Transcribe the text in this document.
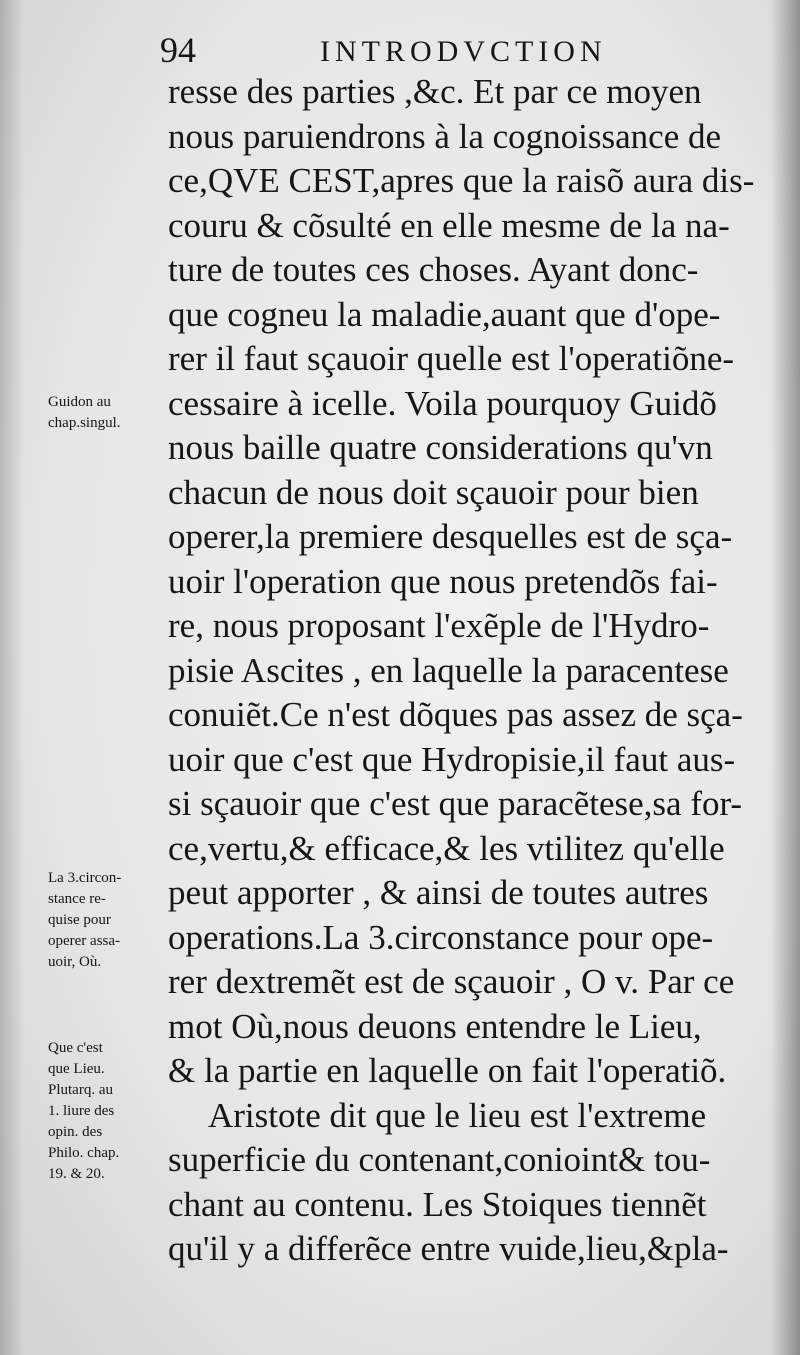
94	INTRODVCTION
resse des parties ,&c. Et par ce moyen
nous paruiendrons à la cognoissance de
ce,QVE CEST,apres que la raisõ aura dis-
couru & cõsulté en elle mesme de la na-
ture de toutes ces choses. Ayant donc-
que cogneu la maladie,auant que d'ope-
rer il faut sçauoir quelle est l'operatiõne-
cessaire à icelle. Voila pourquoy Guidõ
nous baille quatre considerations qu'vn
chacun de nous doit sçauoir pour bien
operer,la premiere desquelles est de sça-
uoir l'operation que nous pretendõs fai-
re, nous proposant l'exẽple de l'Hydro-
pisie Ascites , en laquelle la paracentese
conuiẽt.Ce n'est dõques pas assez de sça-
uoir que c'est que Hydropisie,il faut aus-
si sçauoir que c'est que paracẽtese,sa for-
ce,vertu,& efficace,& les vtilitez qu'elle
peut apporter , & ainsi de toutes autres
operations.La 3.circonstance pour ope-
rer dextremẽt est de sçauoir , O v. Par ce
mot Où,nous deuons entendre le Lieu,
& la partie en laquelle on fait l'operatiõ.
Aristote dit que le lieu est l'extreme
superficie du contenant,conioint& tou-
chant au contenu. Les Stoiques tiennẽt
qu'il y a differẽce entre vuide,lieu,&pla-
Guidon au
chap.singul.
La 3.circon-
stance re-
quise pour
operer assa-
uoir, Où.
Que c'est
que Lieu.
Plutarq. au
1. liure des
opin. des
Philo. chap.
19. & 20.
